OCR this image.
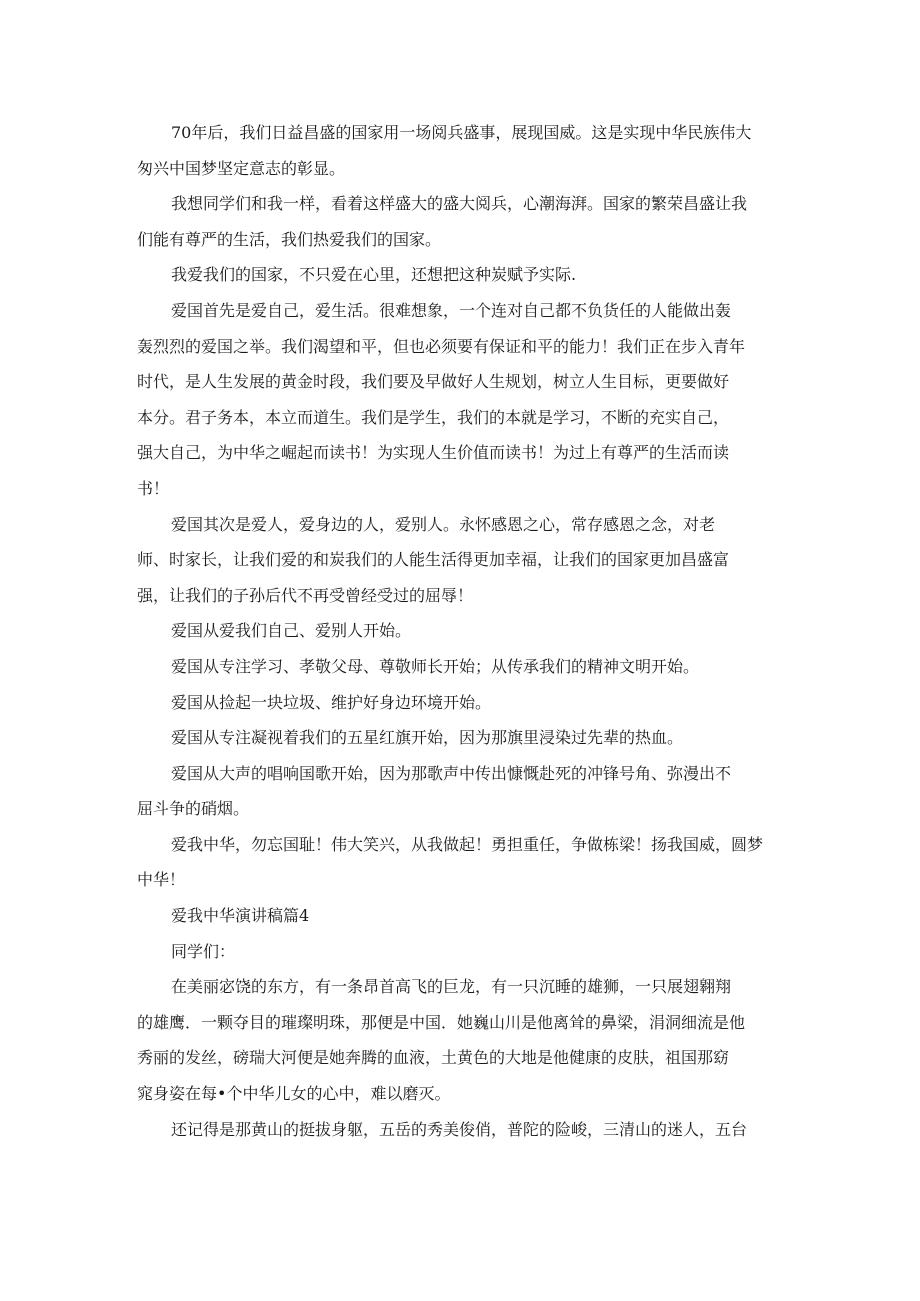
70年后，我们日益昌盛的国家用一场阅兵盛事，展现国威。这是实现中华民族伟大
匆兴中国梦坚定意志的彰显。
我想同学们和我一样，看着这样盛大的盛大阅兵，心潮海湃。国家的繁荣昌盛让我
们能有尊严的生活，我们热爱我们的国家。
我爱我们的国家，不只爱在心里，还想把这种炭赋予实际.
爱国首先是爱自己，爱生活。很难想象，一个连对自己都不负货任的人能做出轰
轰烈烈的爱国之举。我们渴望和平，但也必须要有保证和平的能力！我们正在步入青年
时代，是人生发展的黄金时段，我们要及早做好人生规划，树立人生目标，更要做好
本分。君子务本，本立而道生。我们是学生，我们的本就是学习，不断的充实自己，
强大自己，为中华之崛起而读书！为实现人生价值而读书！为过上有尊严的生活而读
书！
爱国其次是爱人，爱身边的人，爱别人。永怀感恩之心，常存感恩之念，对老
师、时家长，让我们爱的和炭我们的人能生活得更加幸福，让我们的国家更加昌盛富
强，让我们的子孙后代不再受曾经受过的屈辱！
爱国从爱我们自己、爱别人开始。
爱国从专注学习、孝敬父母、尊敬师长开始；从传承我们的精神文明开始。
爱国从捡起一块垃圾、维护好身边环境开始。
爱国从专注凝视着我们的五星红旗开始，因为那旗里浸染过先辈的热血。
爱国从大声的唱响国歌开始，因为那歌声中传出慷慨赴死的冲锋号角、弥漫出不
屈斗争的硝烟。
爱我中华，勿忘国耻！伟大笑兴，从我做起！勇担重任，争做栋梁！扬我国威，圆梦
中华！
爱我中华演讲稿篇4
同学们：
在美丽宓饶的东方，有一条昂首高飞的巨龙，有一只沉睡的雄狮，一只展翅翱翔
的雄鹰．一颗夺目的璀璨明珠，那便是中国．她巍山川是他离耸的鼻梁，涓洞细流是他
秀丽的发丝，磅瑞大河便是她奔腾的血液，土黄色的大地是他健康的皮肤，祖国那窈
窕身姿在每•个中华儿女的心中，难以磨灭。
还记得是那黄山的挺拔身躯，五岳的秀美俊俏，普陀的险峻，三清山的迷人，五台
